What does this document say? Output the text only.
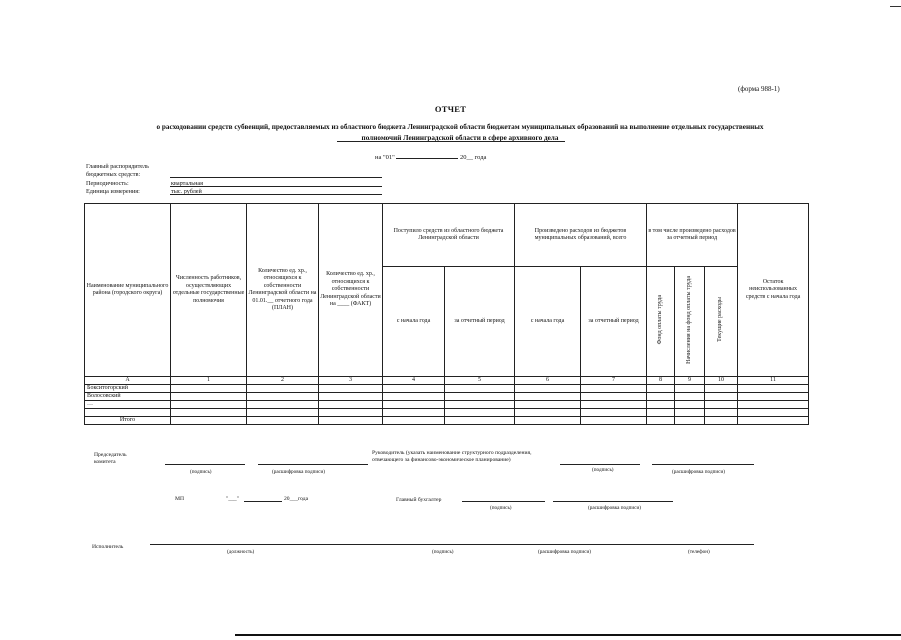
(форма 988-1)
ОТЧЕТ
о расходовании средств субвенций, предоставляемых из областного бюджета Ленинградской области бюджетам муниципальных образований на выполнение отдельных государственных
полномочий Ленинградской области в сфере архивного дела
на "01"	20__ года
Главный распорядитель
бюджетных средств:
Периодичность:	квартальная
Единица измерения:	тыс. рублей
Наименование муниципального района (городского округа)	Численность работников, осуществляющих отдельные государственные полномочия	Количество ед. хр., относящихся к собственности Ленинградской области на 01.01.__ отчетного года (ПЛАН)	Количество ед. хр., относящихся к собственности Ленинградской области на ____ (ФАКТ)	Поступило средств из областного бюджета Ленинградской области		Произведено расходов из бюджетов муниципальных образований, всего		в том числе произведено расходов за отчетный период			Остаток неиспользованных средств с начала года
				с начала года	за отчетный период	с начала года	за отчетный период	Фонд оплаты труда	Начисления на фонд оплаты труда	Текущие расходы	
А	1	2	3	4	5	6	7	8	9	10	11
Бокситогорский											
Волосовский											
…											

Итого											
Председатель
комитета
(подпись)	(расшифровка подписи)
Руководитель (указать наименование структурного подразделения,
отвечающего за финансово-экономическое планирование)
(подпись)	(расшифровка подписи)
МП	"___"	20___года	Главный бухгалтер
(подпись)	(расшифровка подписи)
Исполнитель
(должность)	(подпись)	(расшифровка подписи)	(телефон)
